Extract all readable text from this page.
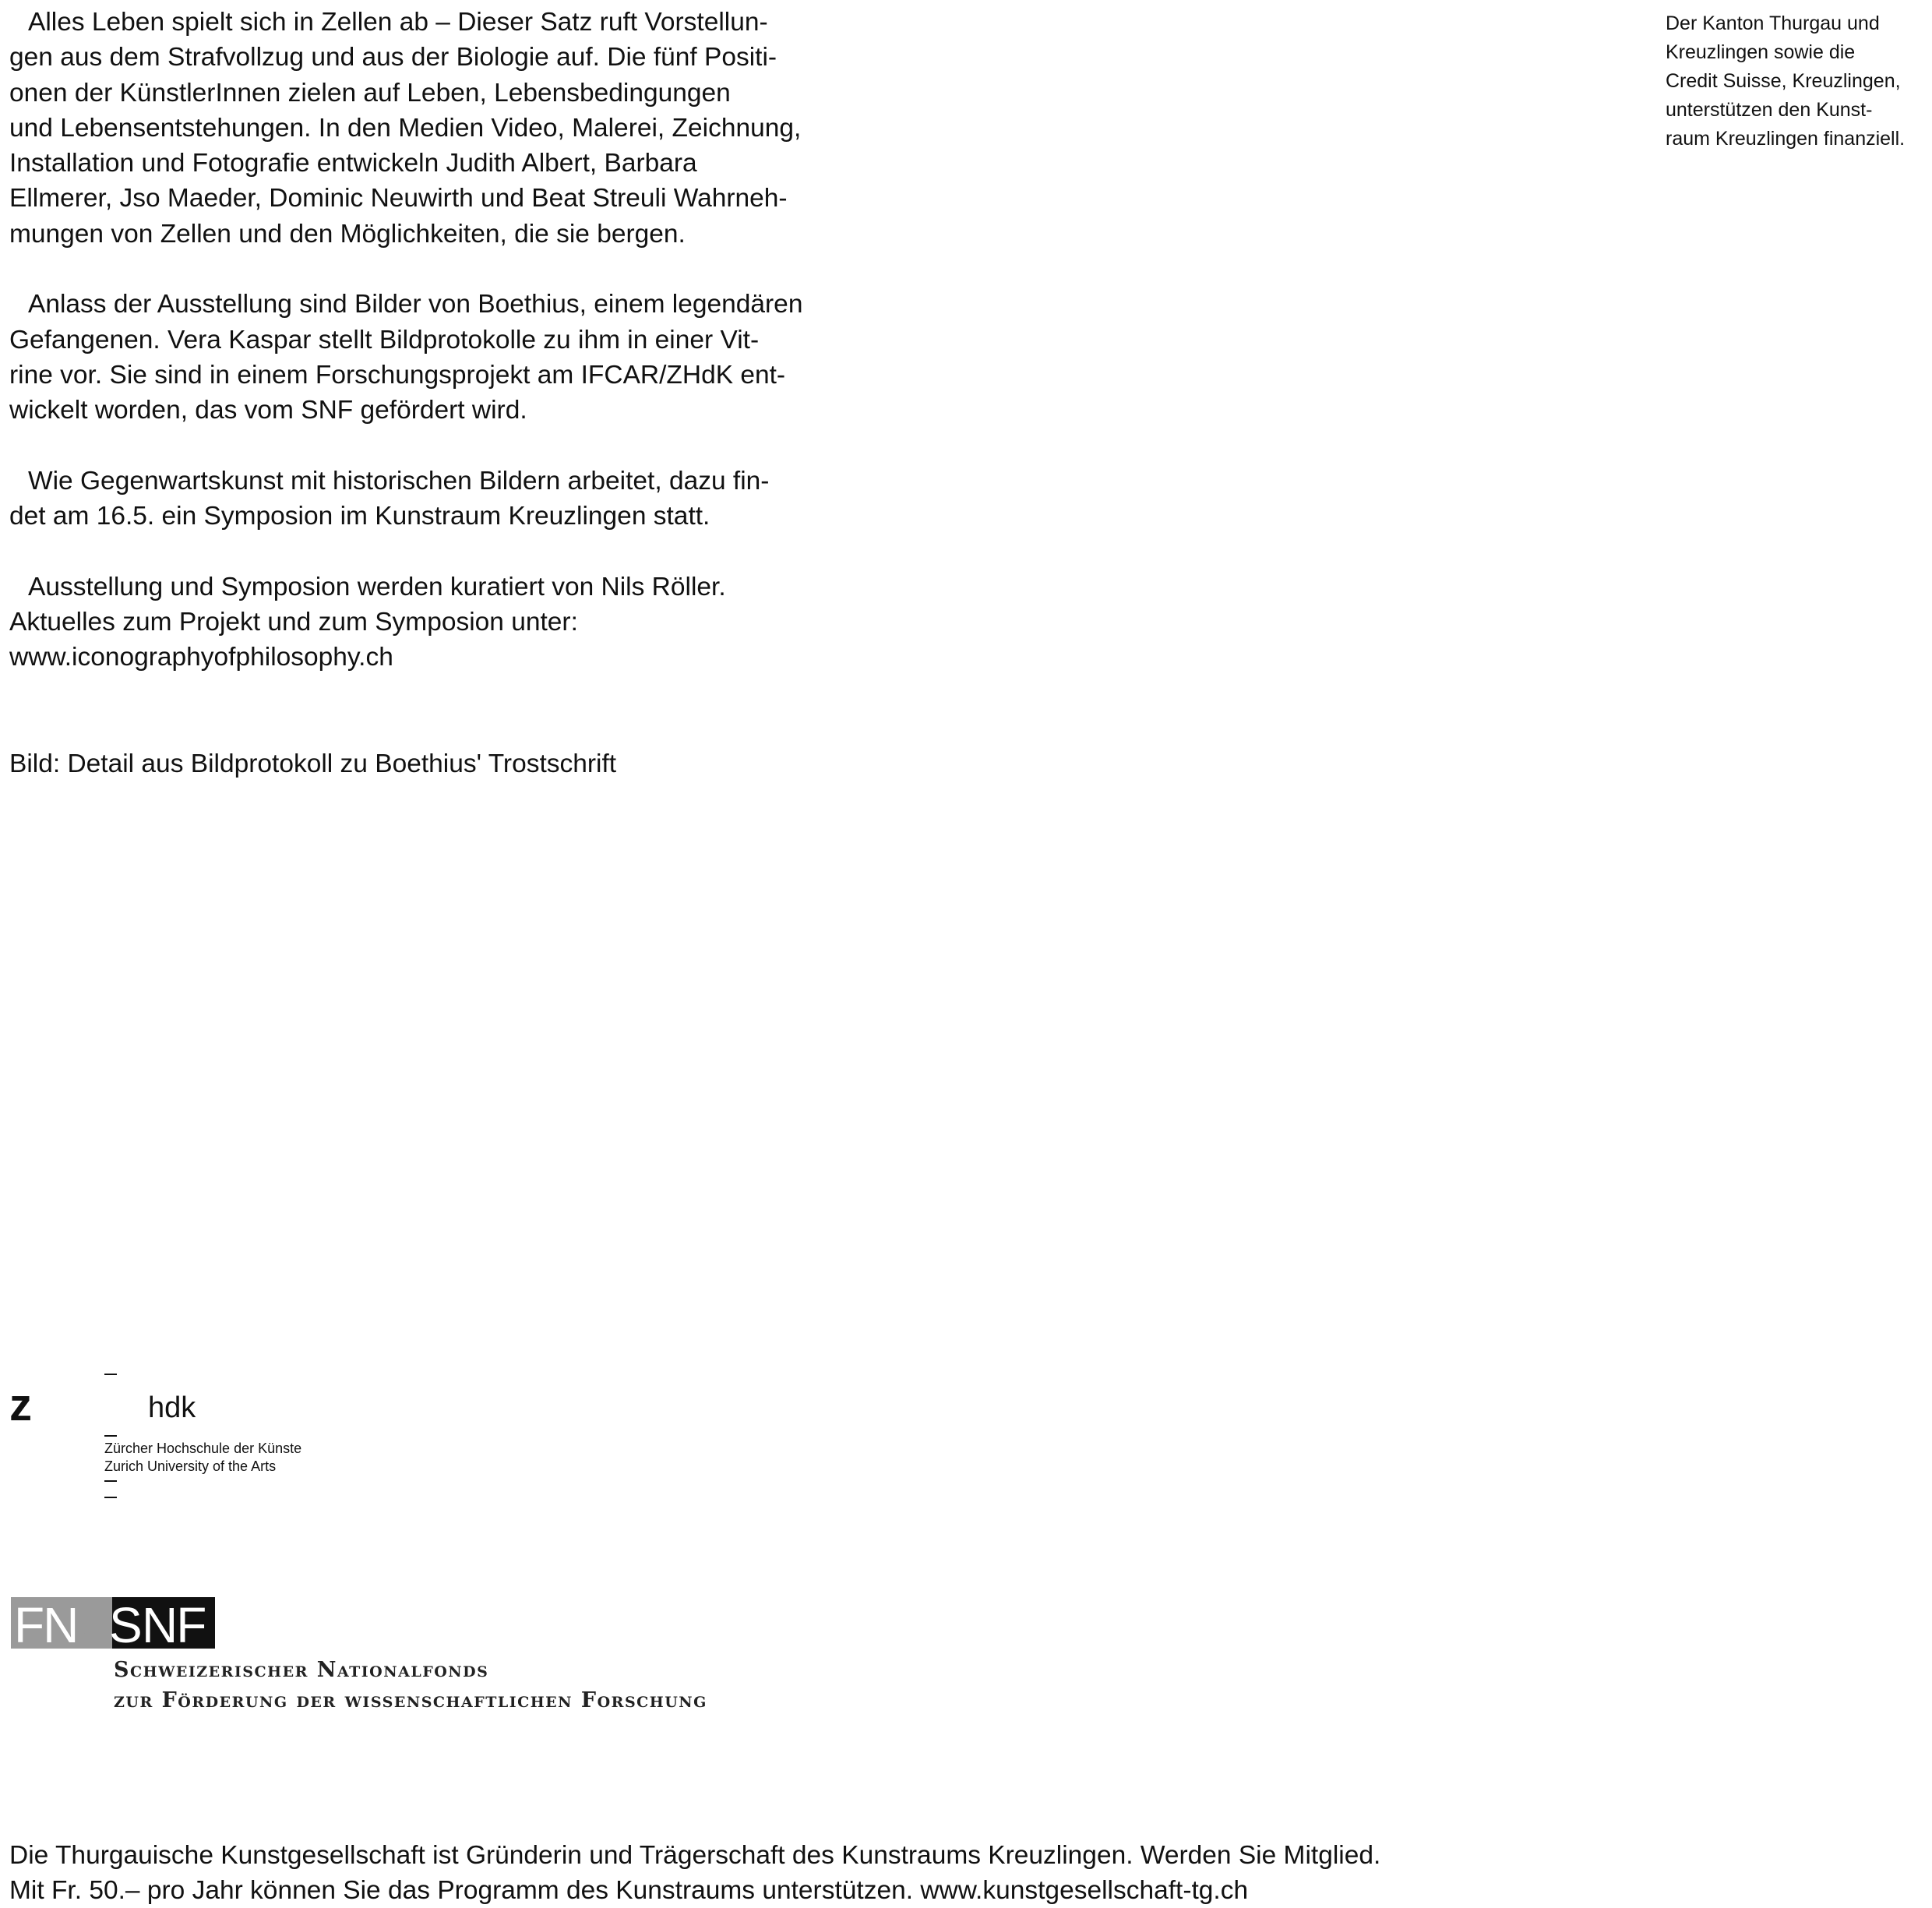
Alles Leben spielt sich in Zellen ab – Dieser Satz ruft Vorstellun-
gen aus dem Strafvollzug und aus der Biologie auf. Die fünf Positi-
onen der KünstlerInnen zielen auf Leben, Lebensbedingungen
und Lebensentstehungen. In den Medien Video, Malerei, Zeichnung,
Installation und Fotografie entwickeln Judith Albert, Barbara
Ellmerer, Jso Maeder, Dominic Neuwirth und Beat Streuli Wahrneh-
mungen von Zellen und den Möglichkeiten, die sie bergen.

Anlass der Ausstellung sind Bilder von Boethius, einem legendären
Gefangenen. Vera Kaspar stellt Bildprotokolle zu ihm in einer Vit-
rine vor. Sie sind in einem Forschungsprojekt am IFCAR/ZHdK ent-
wickelt worden, das vom SNF gefördert wird.

Wie Gegenwartskunst mit historischen Bildern arbeitet, dazu fin-
det am 16.5. ein Symposion im Kunstraum Kreuzlingen statt.

Ausstellung und Symposion werden kuratiert von Nils Röller.

Aktuelles zum Projekt und zum Symposion unter:
www.iconographyofphilosophy.ch

Der Kanton Thurgau und
Kreuzlingen sowie die
Credit Suisse, Kreuzlingen,
unterstützen den Kunst-
raum Kreuzlingen finanziell.
Bild: Detail aus Bildprotokoll zu Boethius' Trostschrift
z	hdk
Zürcher Hochschule der Künste
Zurich University of the Arts
FN S
S NF
Schweizerischer Nationalfonds
zur Förderung der wissenschaftlichen Forschung
Die Thurgauische Kunstgesellschaft ist Gründerin und Trägerschaft des Kunstraums Kreuzlingen. Werden Sie Mitglied.
Mit Fr. 50.– pro Jahr können Sie das Programm des Kunstraums unterstützen. www.kunstgesellschaft-tg.ch
